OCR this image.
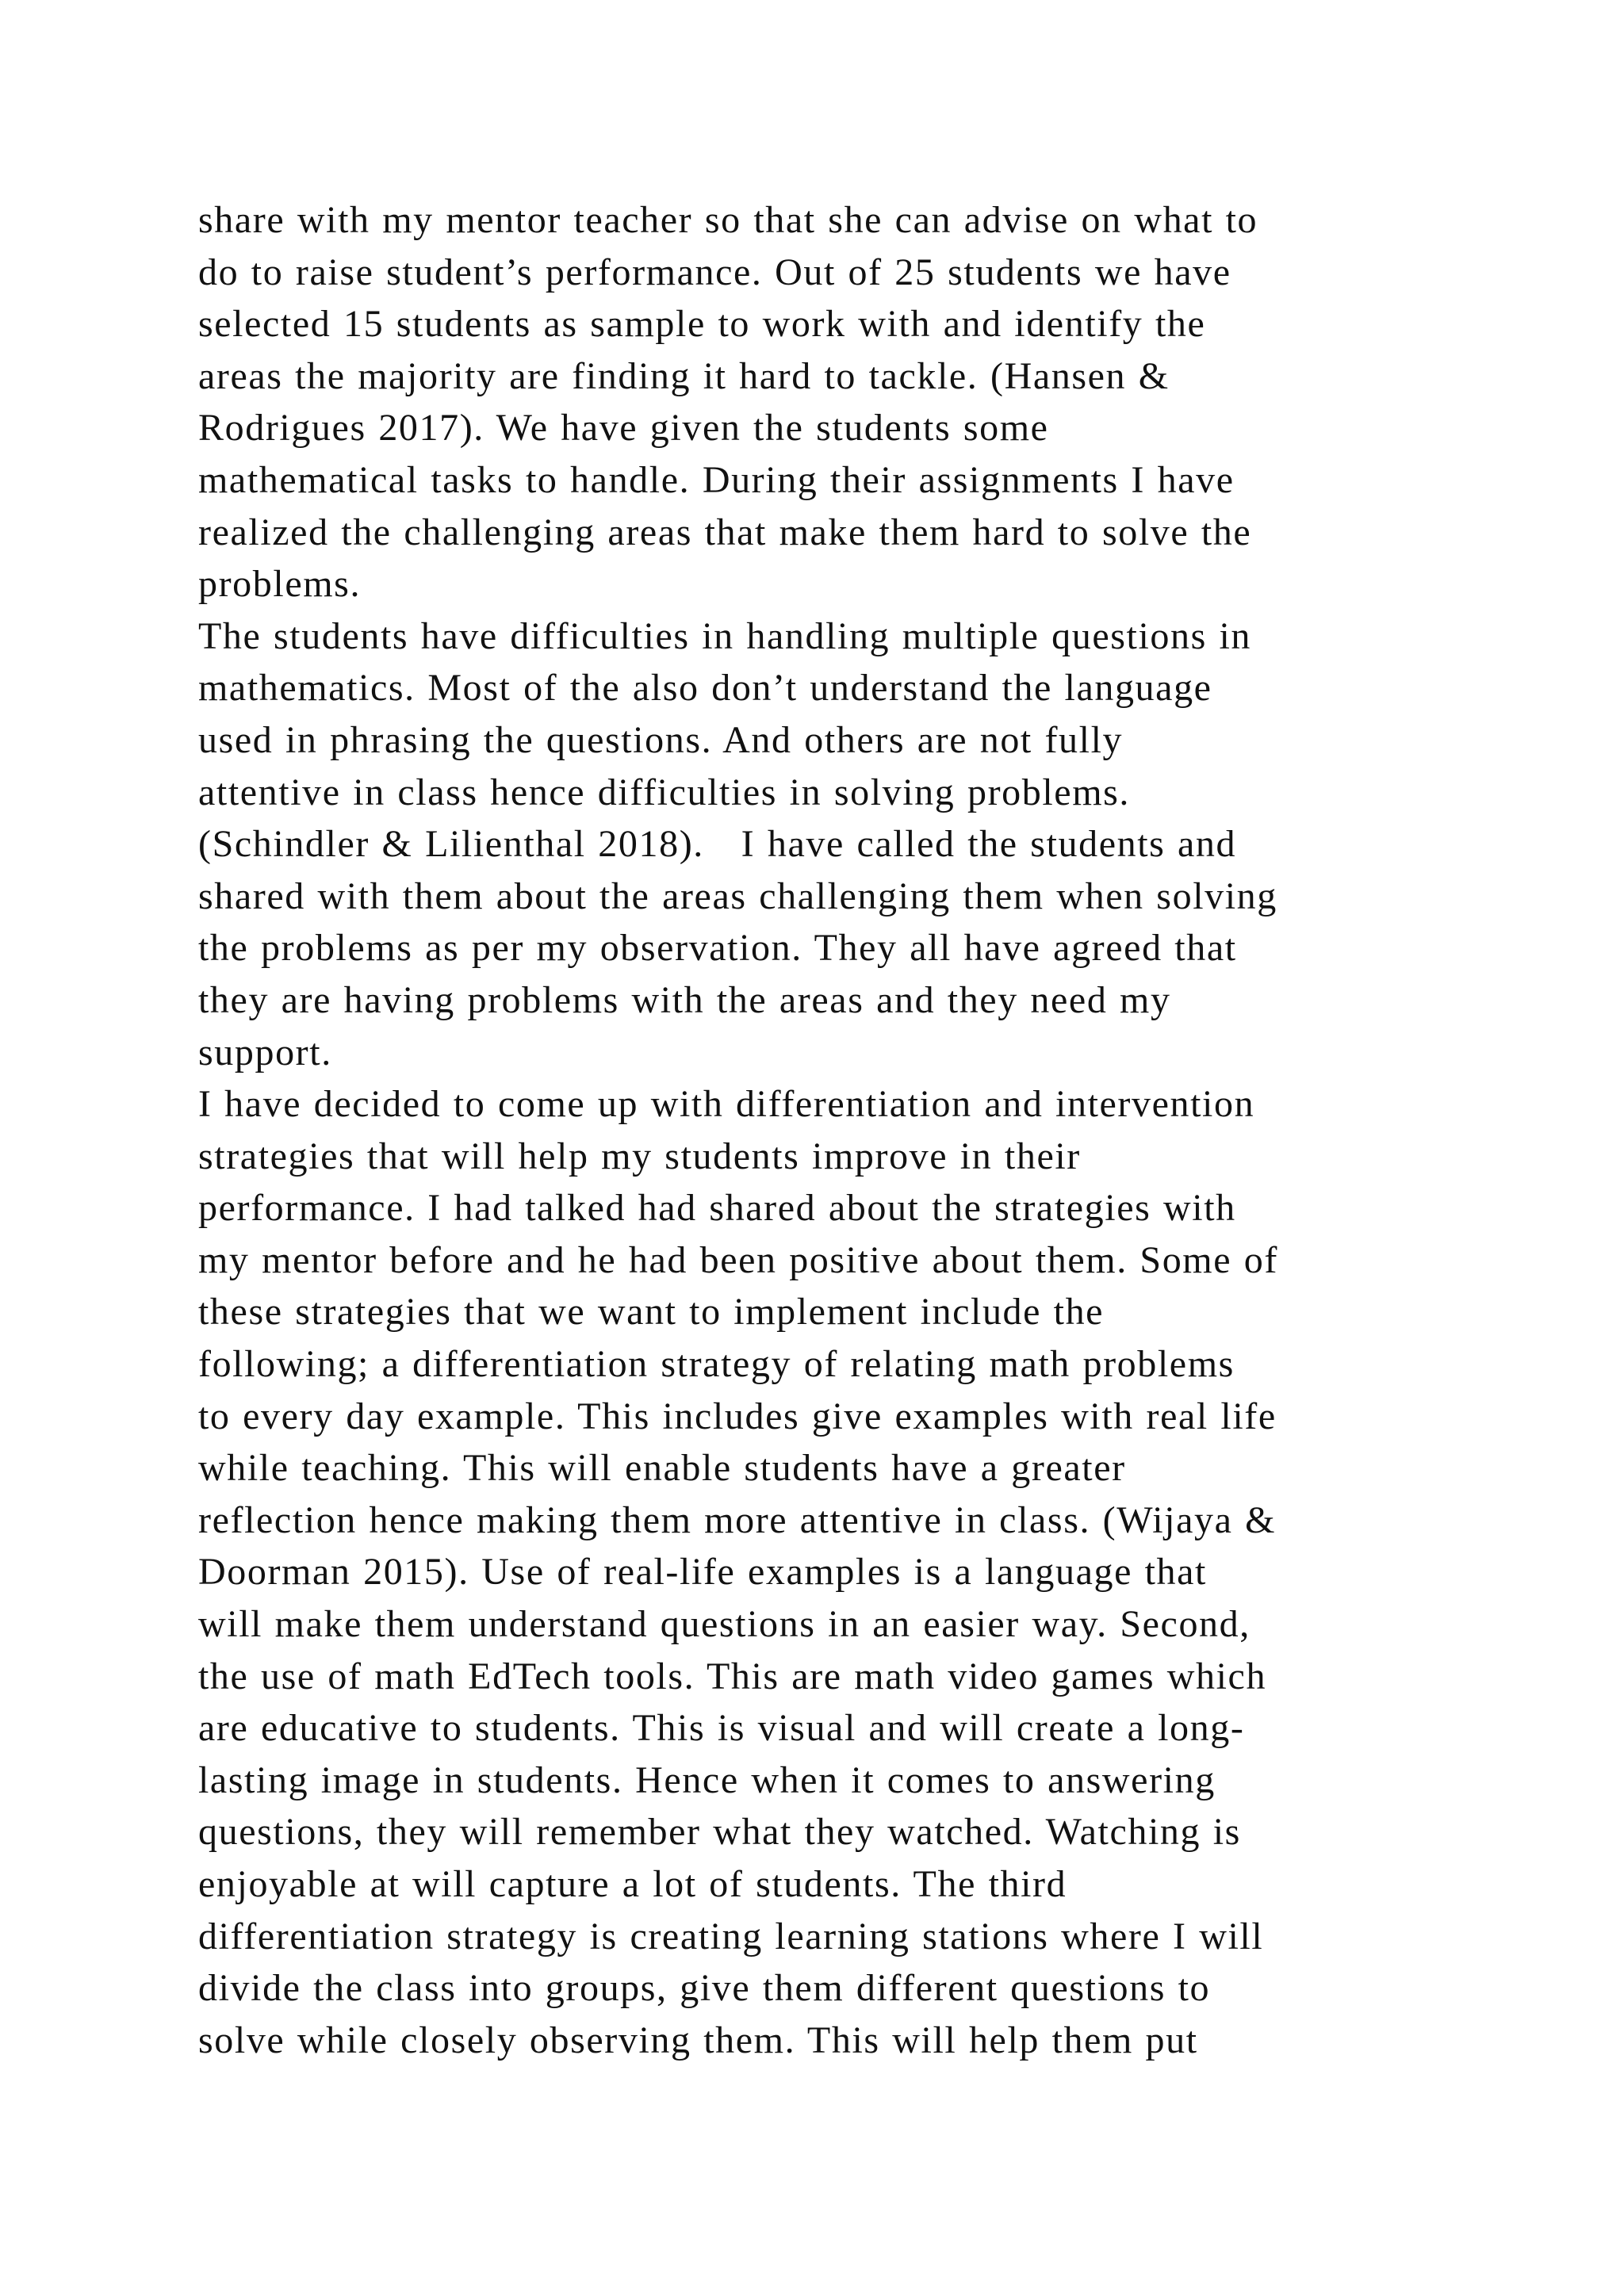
share with my mentor teacher so that she can advise on what to
do to raise student’s performance. Out of 25 students we have
selected 15 students as sample to work with and identify the
areas the majority are finding it hard to tackle. (Hansen &
Rodrigues 2017). We have given the students some
mathematical tasks to handle. During their assignments I have
realized the challenging areas that make them hard to solve the
problems.
The students have difficulties in handling multiple questions in
mathematics. Most of the also don’t understand the language
used in phrasing the questions. And others are not fully
attentive in class hence difficulties in solving problems.
(Schindler & Lilienthal 2018).   I have called the students and
shared with them about the areas challenging them when solving
the problems as per my observation. They all have agreed that
they are having problems with the areas and they need my
support.
I have decided to come up with differentiation and intervention
strategies that will help my students improve in their
performance. I had talked had shared about the strategies with
my mentor before and he had been positive about them. Some of
these strategies that we want to implement include the
following; a differentiation strategy of relating math problems
to every day example. This includes give examples with real life
while teaching. This will enable students have a greater
reflection hence making them more attentive in class. (Wijaya &
Doorman 2015). Use of real-life examples is a language that
will make them understand questions in an easier way. Second,
the use of math EdTech tools. This are math video games which
are educative to students. This is visual and will create a long-
lasting image in students. Hence when it comes to answering
questions, they will remember what they watched. Watching is
enjoyable at will capture a lot of students. The third
differentiation strategy is creating learning stations where I will
divide the class into groups, give them different questions to
solve while closely observing them. This will help them put
